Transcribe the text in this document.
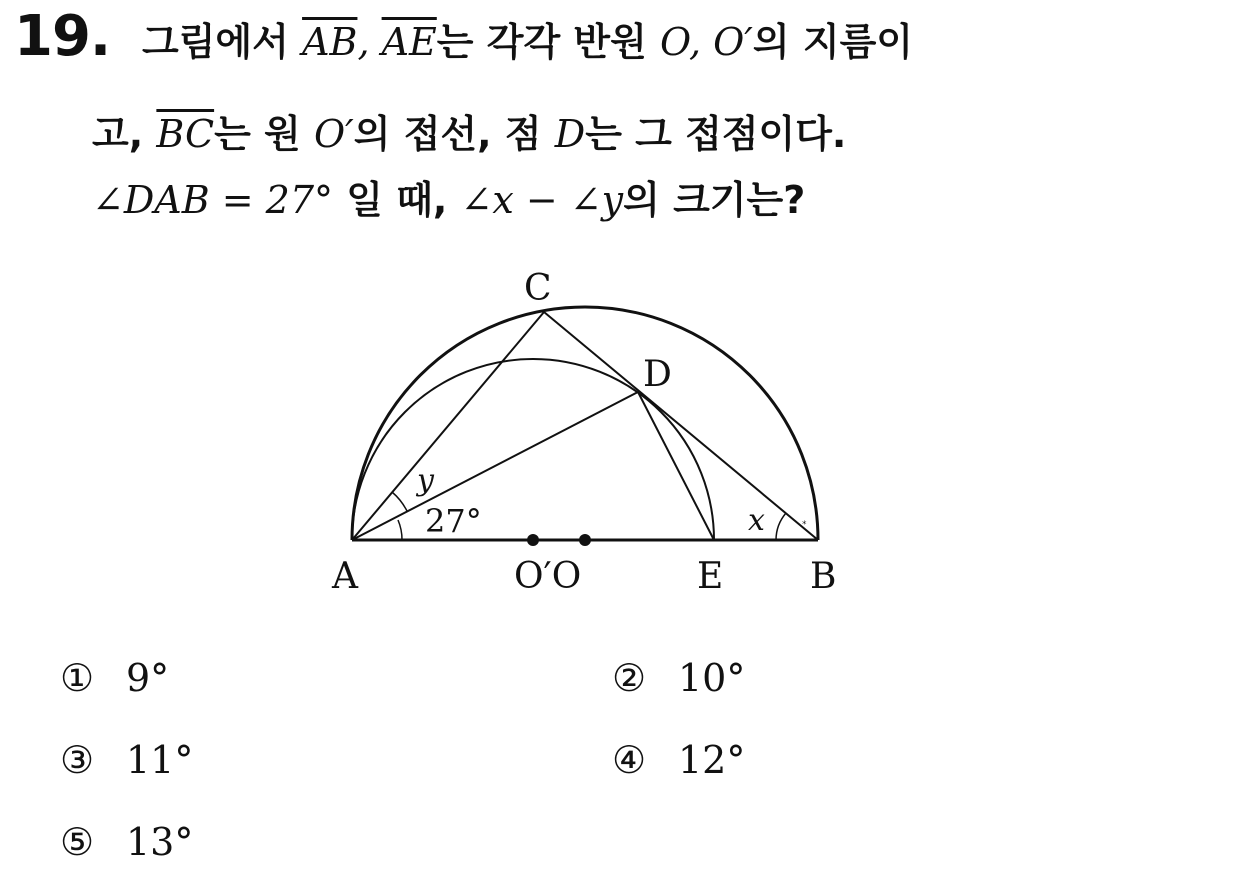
19. 그림에서 $\overline{AB}$, $\overline{AE}$는 각각 반원 O, O′의 지름이
고, $\overline{BC}$는 원 O′의 접선, 점 D는 그 접점이다.
∠DAB = 27° 일 때, ∠x − ∠y의 크기는?
⁎
C
D
A	O′O	E B
y
27°	x
① 9°	② 10°
③ 11°	④ 12°
⑤ 13°
